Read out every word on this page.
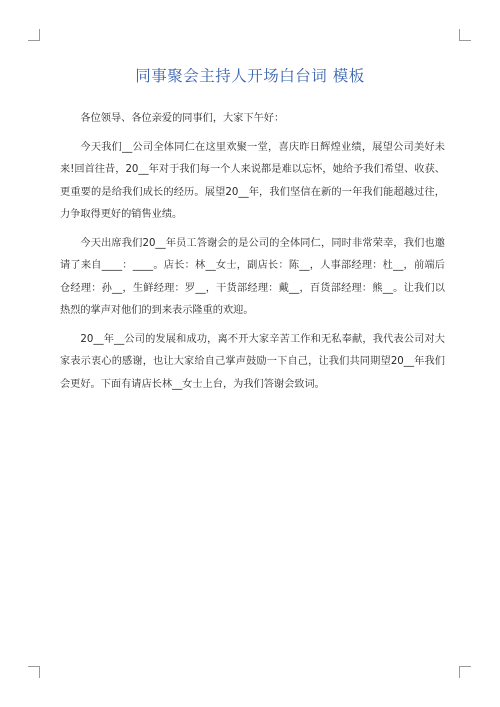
同事聚会主持人开场白台词 模板

各位领导、各位亲爱的同事们，大家下午好：

今天我们__公司全体同仁在这里欢聚一堂，喜庆昨日辉煌业绩，展望公司美好未来!回首往昔，20__年对于我们每一个人来说都是难以忘怀，她给予我们希望、收获、更重要的是给我们成长的经历。展望20__年，我们坚信在新的一年我们能超越过往，力争取得更好的销售业绩。

今天出席我们20__年员工答谢会的是公司的全体同仁，同时非常荣幸，我们也邀请了来自____：____。店长：林__女士，副店长：陈__，人事部经理：杜__，前端后仓经理：孙__，生鲜经理：罗__，干货部经理：戴__，百货部经理：熊__。让我们以热烈的掌声对他们的到来表示隆重的欢迎。

20__年__公司的发展和成功，离不开大家辛苦工作和无私奉献，我代表公司对大家表示衷心的感谢，也让大家给自己掌声鼓励一下自己，让我们共同期望20__年我们会更好。下面有请店长林__女士上台，为我们答谢会致词。
